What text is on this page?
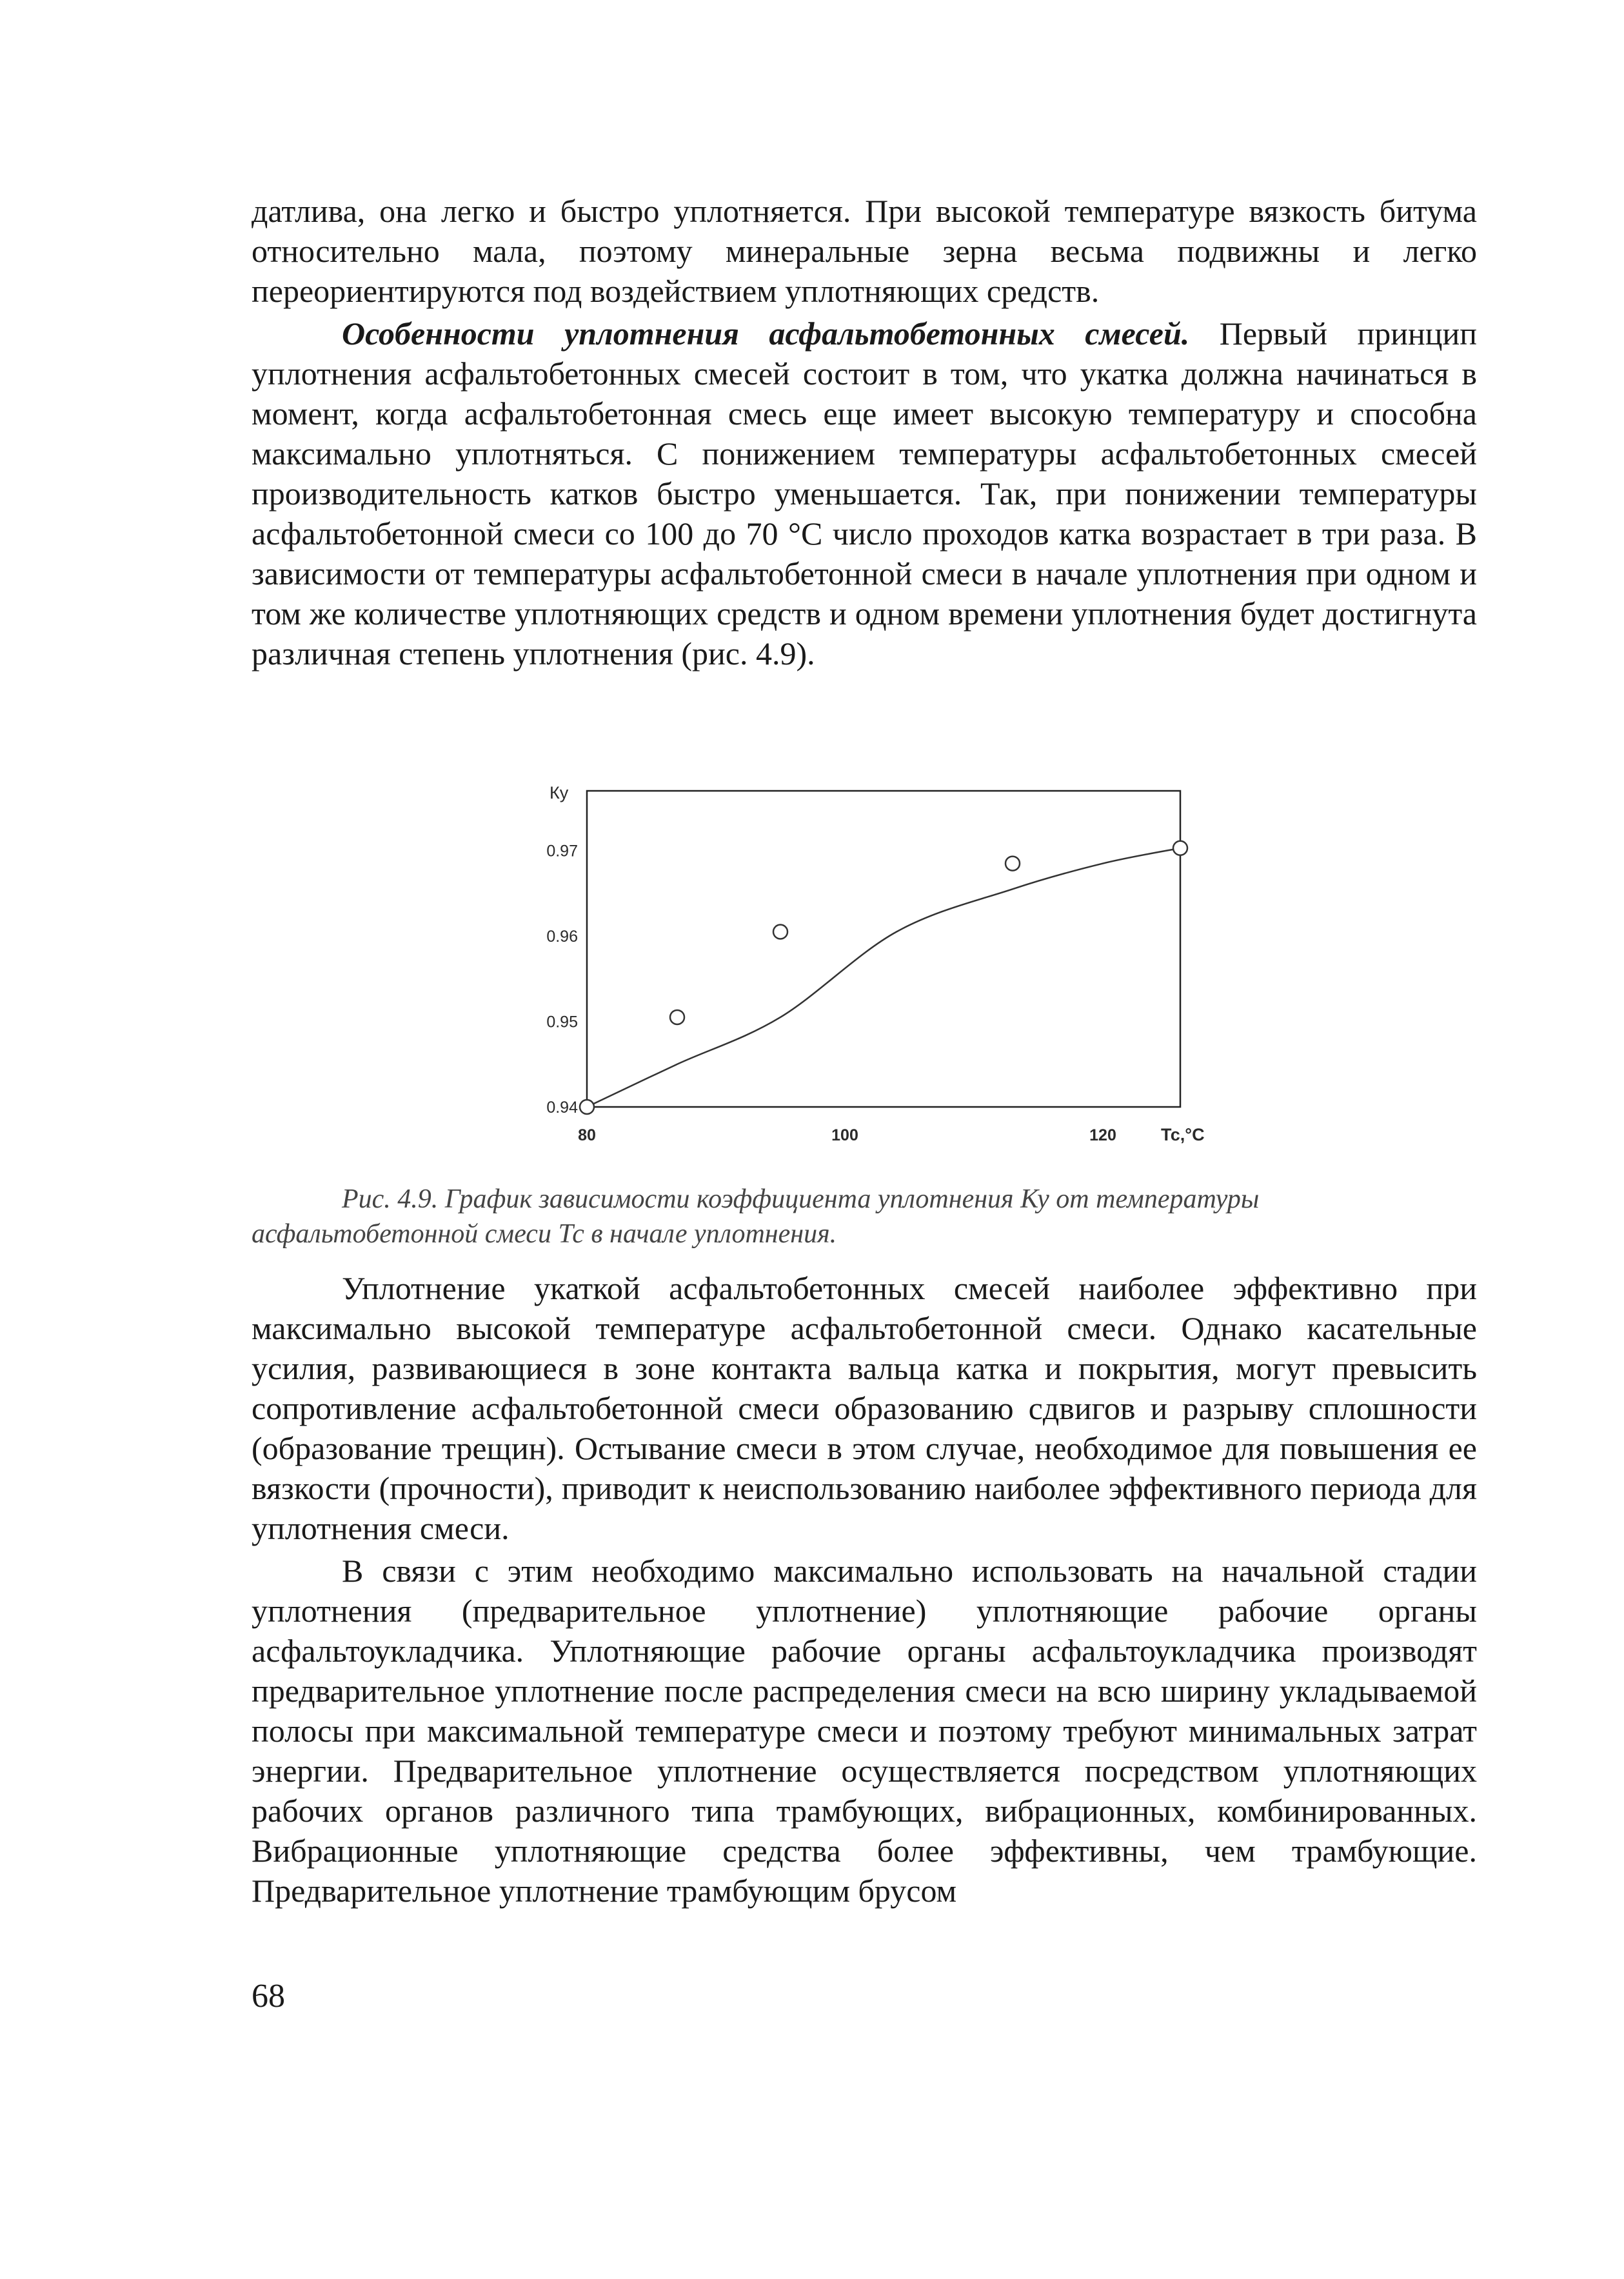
датлива, она легко и быстро уплотняется. При высокой температуре вязкость битума относительно мала, поэтому минеральные зерна весьма подвижны и легко переориентируются под воздействием уплотняющих средств.

Особенности уплотнения асфальтобетонных смесей. Первый принцип уплотнения асфальтобетонных смесей состоит в том, что укатка должна начинаться в момент, когда асфальтобетонная смесь еще имеет высокую температуру и способна максимально уплотняться. С понижением температуры асфальтобетонных смесей производительность катков быстро уменьшается. Так, при понижении температуры асфальтобетонной смеси со 100 до 70 °С число проходов катка возрастает в три раза. В зависимости от температуры асфальтобетонной смеси в начале уплотнения при одном и том же количестве уплотняющих средств и одном времени уплотнения будет достигнута различная степень уплотнения (рис. 4.9).

0.94
0.95
0.96
0.97
80	100	120
Ку
Тс,°С

Рис. 4.9. График зависимости коэффициента уплотнения Ку от температуры асфальтобетонной смеси Тс в начале уплотнения.

Уплотнение укаткой асфальтобетонных смесей наиболее эффективно при максимально высокой температуре асфальтобетонной смеси. Однако касательные усилия, развивающиеся в зоне контакта вальца катка и покрытия, могут превысить сопротивление асфальтобетонной смеси образованию сдвигов и разрыву сплошности (образование трещин). Остывание смеси в этом случае, необходимое для повышения ее вязкости (прочности), приводит к неиспользованию наиболее эффективного периода для уплотнения смеси.

В связи с этим необходимо максимально использовать на начальной стадии уплотнения (предварительное уплотнение) уплотняющие рабочие органы асфальтоукладчика. Уплотняющие рабочие органы асфальтоукладчика производят предварительное уплотнение после распределения смеси на всю ширину укладываемой полосы при максимальной температуре смеси и поэтому требуют минимальных затрат энергии. Предварительное уплотнение осуществляется посредством уплотняющих рабочих органов различного типа трамбующих, вибрационных, комбинированных. Вибрационные уплотняющие средства более эффективны, чем трамбующие. Предварительное уплотнение трамбующим брусом

68
